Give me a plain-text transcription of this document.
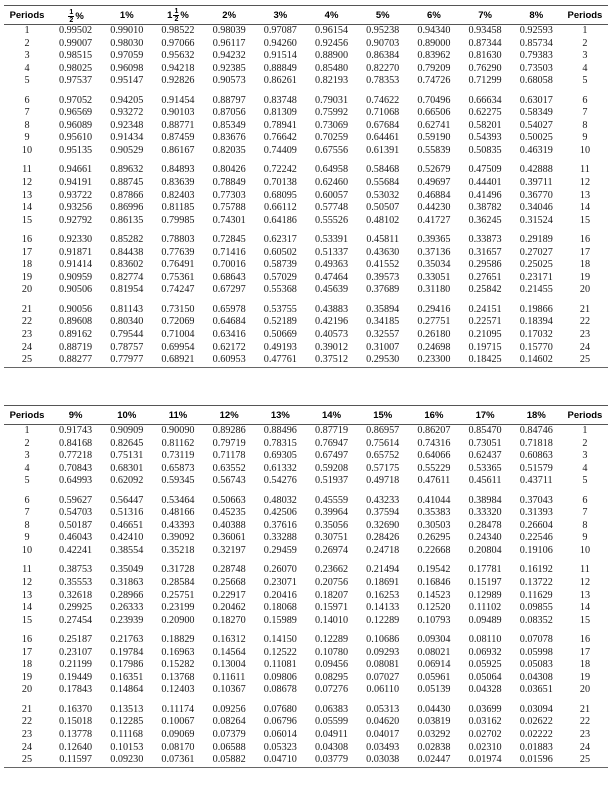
Periods	$\frac{1}{2}$ %	1 %	$1 \frac{1}{2}$ %	2 %	3 %	4 %	5 %	6 %	7 %	8 %	Periods
1	0.99502	0.99010	0.98522	0.98039	0.97087	0.96154	0.95238	0.94340	0.93458	0.92593	1
2	0.99007	0.98030	0.97066	0.96117	0.94260	0.92456	0.90703	0.89000	0.87344	0.85734	2
3	0.98515	0.97059	0.95632	0.94232	0.91514	0.88900	0.86384	0.83962	0.81630	0.79383	3
4	0.98025	0.96098	0.94218	0.92385	0.88849	0.85480	0.82270	0.79209	0.76290	0.73503	4
5	0.97537	0.95147	0.92826	0.90573	0.86261	0.82193	0.78353	0.74726	0.71299	0.68058	5

6	0.97052	0.94205	0.91454	0.88797	0.83748	0.79031	0.74622	0.70496	0.66634	0.63017	6
7	0.96569	0.93272	0.90103	0.87056	0.81309	0.75992	0.71068	0.66506	0.62275	0.58349	7
8	0.96089	0.92348	0.88771	0.85349	0.78941	0.73069	0.67684	0.62741	0.58201	0.54027	8
9	0.95610	0.91434	0.87459	0.83676	0.76642	0.70259	0.64461	0.59190	0.54393	0.50025	9
10	0.95135	0.90529	0.86167	0.82035	0.74409	0.67556	0.61391	0.55839	0.50835	0.46319	10

11	0.94661	0.89632	0.84893	0.80426	0.72242	0.64958	0.58468	0.52679	0.47509	0.42888	11
12	0.94191	0.88745	0.83639	0.78849	0.70138	0.62460	0.55684	0.49697	0.44401	0.39711	12
13	0.93722	0.87866	0.82403	0.77303	0.68095	0.60057	0.53032	0.46884	0.41496	0.36770	13
14	0.93256	0.86996	0.81185	0.75788	0.66112	0.57748	0.50507	0.44230	0.38782	0.34046	14
15	0.92792	0.86135	0.79985	0.74301	0.64186	0.55526	0.48102	0.41727	0.36245	0.31524	15

16	0.92330	0.85282	0.78803	0.72845	0.62317	0.53391	0.45811	0.39365	0.33873	0.29189	16
17	0.91871	0.84438	0.77639	0.71416	0.60502	0.51337	0.43630	0.37136	0.31657	0.27027	17
18	0.91414	0.83602	0.76491	0.70016	0.58739	0.49363	0.41552	0.35034	0.29586	0.25025	18
19	0.90959	0.82774	0.75361	0.68643	0.57029	0.47464	0.39573	0.33051	0.27651	0.23171	19
20	0.90506	0.81954	0.74247	0.67297	0.55368	0.45639	0.37689	0.31180	0.25842	0.21455	20

21	0.90056	0.81143	0.73150	0.65978	0.53755	0.43883	0.35894	0.29416	0.24151	0.19866	21
22	0.89608	0.80340	0.72069	0.64684	0.52189	0.42196	0.34185	0.27751	0.22571	0.18394	22
23	0.89162	0.79544	0.71004	0.63416	0.50669	0.40573	0.32557	0.26180	0.21095	0.17032	23
24	0.88719	0.78757	0.69954	0.62172	0.49193	0.39012	0.31007	0.24698	0.19715	0.15770	24
25	0.88277	0.77977	0.68921	0.60953	0.47761	0.37512	0.29530	0.23300	0.18425	0.14602	25
Periods	9 %	10 %	11 %	12 %	13 %	14 %	15 %	16 %	17 %	18 %	Periods
1	0.91743	0.90909	0.90090	0.89286	0.88496	0.87719	0.86957	0.86207	0.85470	0.84746	1
2	0.84168	0.82645	0.81162	0.79719	0.78315	0.76947	0.75614	0.74316	0.73051	0.71818	2
3	0.77218	0.75131	0.73119	0.71178	0.69305	0.67497	0.65752	0.64066	0.62437	0.60863	3
4	0.70843	0.68301	0.65873	0.63552	0.61332	0.59208	0.57175	0.55229	0.53365	0.51579	4
5	0.64993	0.62092	0.59345	0.56743	0.54276	0.51937	0.49718	0.47611	0.45611	0.43711	5

6	0.59627	0.56447	0.53464	0.50663	0.48032	0.45559	0.43233	0.41044	0.38984	0.37043	6
7	0.54703	0.51316	0.48166	0.45235	0.42506	0.39964	0.37594	0.35383	0.33320	0.31393	7
8	0.50187	0.46651	0.43393	0.40388	0.37616	0.35056	0.32690	0.30503	0.28478	0.26604	8
9	0.46043	0.42410	0.39092	0.36061	0.33288	0.30751	0.28426	0.26295	0.24340	0.22546	9
10	0.42241	0.38554	0.35218	0.32197	0.29459	0.26974	0.24718	0.22668	0.20804	0.19106	10

11	0.38753	0.35049	0.31728	0.28748	0.26070	0.23662	0.21494	0.19542	0.17781	0.16192	11
12	0.35553	0.31863	0.28584	0.25668	0.23071	0.20756	0.18691	0.16846	0.15197	0.13722	12
13	0.32618	0.28966	0.25751	0.22917	0.20416	0.18207	0.16253	0.14523	0.12989	0.11629	13
14	0.29925	0.26333	0.23199	0.20462	0.18068	0.15971	0.14133	0.12520	0.11102	0.09855	14
15	0.27454	0.23939	0.20900	0.18270	0.15989	0.14010	0.12289	0.10793	0.09489	0.08352	15

16	0.25187	0.21763	0.18829	0.16312	0.14150	0.12289	0.10686	0.09304	0.08110	0.07078	16
17	0.23107	0.19784	0.16963	0.14564	0.12522	0.10780	0.09293	0.08021	0.06932	0.05998	17
18	0.21199	0.17986	0.15282	0.13004	0.11081	0.09456	0.08081	0.06914	0.05925	0.05083	18
19	0.19449	0.16351	0.13768	0.11611	0.09806	0.08295	0.07027	0.05961	0.05064	0.04308	19
20	0.17843	0.14864	0.12403	0.10367	0.08678	0.07276	0.06110	0.05139	0.04328	0.03651	20

21	0.16370	0.13513	0.11174	0.09256	0.07680	0.06383	0.05313	0.04430	0.03699	0.03094	21
22	0.15018	0.12285	0.10067	0.08264	0.06796	0.05599	0.04620	0.03819	0.03162	0.02622	22
23	0.13778	0.11168	0.09069	0.07379	0.06014	0.04911	0.04017	0.03292	0.02702	0.02222	23
24	0.12640	0.10153	0.08170	0.06588	0.05323	0.04308	0.03493	0.02838	0.02310	0.01883	24
25	0.11597	0.09230	0.07361	0.05882	0.04710	0.03779	0.03038	0.02447	0.01974	0.01596	25
